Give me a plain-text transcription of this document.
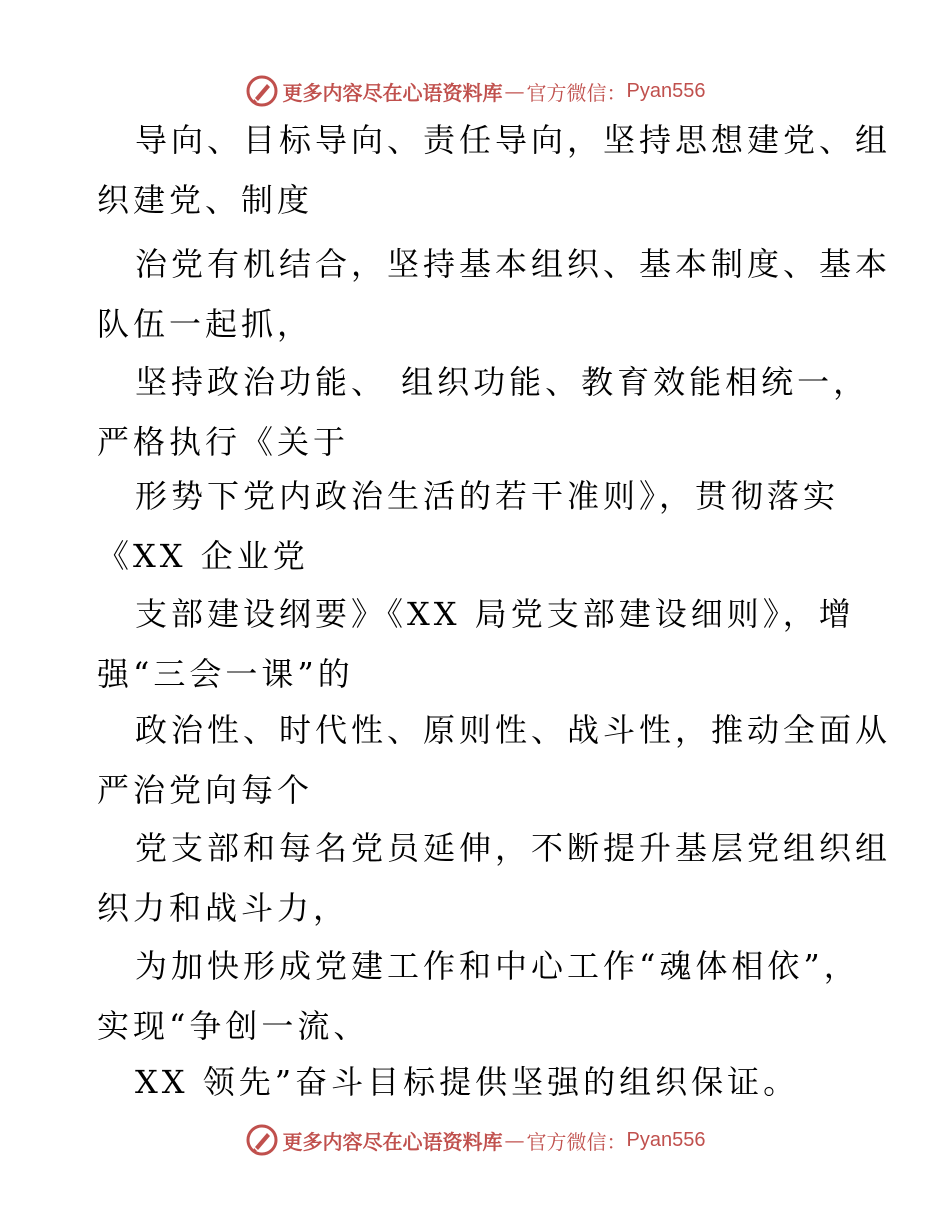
更多内容尽在心语资料库 — 官方微信： Pyan556
导向、目标导向、责任导向，坚持思想建党、组
织建党、制度
治党有机结合，坚持基本组织、基本制度、基本
队伍一起抓，
坚持政治功能、 组织功能、教育效能相统一，
严格执行《关于
形势下党内政治生活的若干准则》，贯彻落实
《XX 企业党
支部建设纲要》《XX 局党支部建设细则》，增
强“三会一课”的
政治性、时代性、原则性、战斗性，推动全面从
严治党向每个
党支部和每名党员延伸，不断提升基层党组织组
织力和战斗力，
为加快形成党建工作和中心工作“魂体相依”，
实现“争创一流、
XX 领先”奋斗目标提供坚强的组织保证。
更多内容尽在心语资料库 — 官方微信： Pyan556
